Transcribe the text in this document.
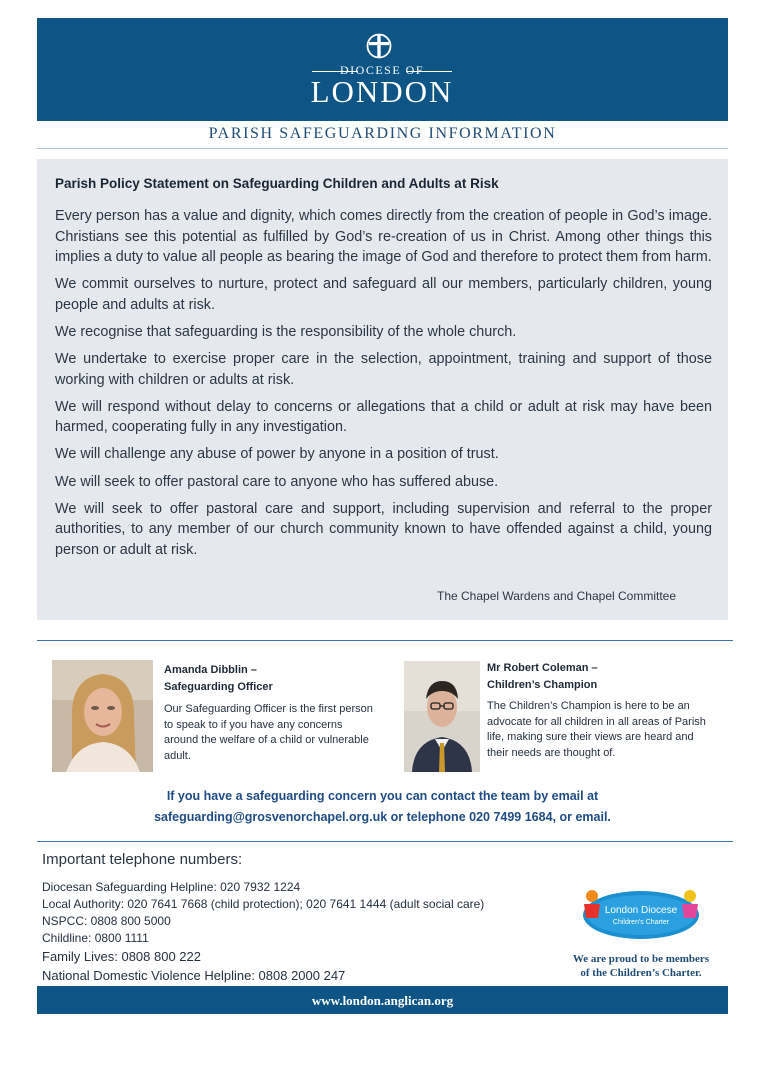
DIOCESE OF
LONDON
PARISH SAFEGUARDING INFORMATION
Parish Policy Statement on Safeguarding Children and Adults at Risk

Every person has a value and dignity, which comes directly from the creation of people in God’s image. Christians see this potential as fulfilled by God’s re-creation of us in Christ. Among other things this implies a duty to value all people as bearing the image of God and therefore to protect them from harm.

We commit ourselves to nurture, protect and safeguard all our members, particularly children, young people and adults at risk.

We recognise that safeguarding is the responsibility of the whole church.

We undertake to exercise proper care in the selection, appointment, training and support of those working with children or adults at risk.

We will respond without delay to concerns or allegations that a child or adult at risk may have been harmed, cooperating fully in any investigation.

We will challenge any abuse of power by anyone in a position of trust.

We will seek to offer pastoral care to anyone who has suffered abuse.

We will seek to offer pastoral care and support, including supervision and referral to the proper authorities, to any member of our church community known to have offended against a child, young person or adult at risk.

The Chapel Wardens and Chapel Committee
Amanda Dibblin –
Safeguarding Officer
Our Safeguarding Officer is the first person to speak to if you have any concerns around the welfare of a child or vulnerable adult.
Mr Robert Coleman –
Children’s Champion
The Children’s Champion is here to be an advocate for all children in all areas of Parish life, making sure their views are heard and their needs are thought of.
If you have a safeguarding concern you can contact the team by email at
safeguarding@grosvenorchapel.org.uk or telephone 020 7499 1684, or email.
Important telephone numbers:
Diocesan Safeguarding Helpline: 020 7932 1224
Local Authority: 020 7641 7668 (child protection); 020 7641 1444 (adult social care)
NSPCC: 0808 800 5000
Childline: 0800 1111
Family Lives: 0808 800 222
National Domestic Violence Helpline: 0808 2000 247
London Diocese
Children's Charter
We are proud to be members
of the Children’s Charter.
www.london.anglican.org
